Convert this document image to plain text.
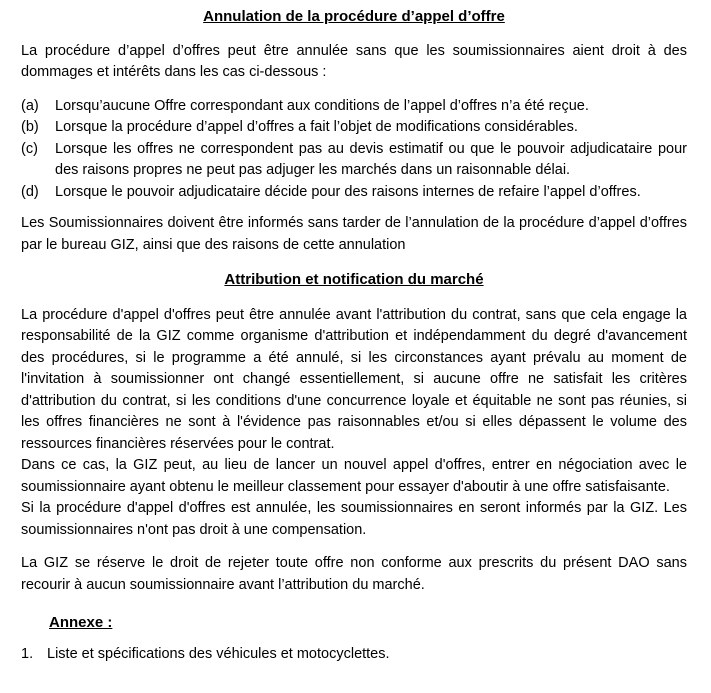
Annulation de la procédure d’appel d’offre

La procédure d’appel d’offres peut être annulée sans que les soumissionnaires aient droit à des dommages et intérêts dans les cas ci-dessous :

(a)	Lorsqu’aucune Offre correspondant aux conditions de l’appel d’offres n’a été reçue.
(b)	Lorsque la procédure d’appel d’offres a fait l’objet de modifications considérables.
(c)	Lorsque les offres ne correspondent pas au devis estimatif ou que le pouvoir adjudicataire pour des raisons propres ne peut pas adjuger les marchés dans un raisonnable délai.
(d)	Lorsque le pouvoir adjudicataire décide pour des raisons internes de refaire l’appel d’offres.

Les Soumissionnaires doivent être informés sans tarder de l’annulation de la procédure d’appel d’offres par le bureau GIZ, ainsi que des raisons de cette annulation

Attribution et notification du marché

La procédure d'appel d'offres peut être annulée avant l'attribution du contrat, sans que cela engage la responsabilité de la GIZ comme organisme d'attribution et indépendamment du degré d'avancement des procédures, si le programme a été annulé, si les circonstances ayant prévalu au moment de l'invitation à soumissionner ont changé essentiellement, si aucune offre ne satisfait les critères d'attribution du contrat, si les conditions d'une concurrence loyale et équitable ne sont pas réunies, si les offres financières ne sont à l'évidence pas raisonnables et/ou si elles dépassent le volume des ressources financières réservées pour le contrat.

Dans ce cas, la GIZ peut, au lieu de lancer un nouvel appel d'offres, entrer en négociation avec le soumissionnaire ayant obtenu le meilleur classement pour essayer d'aboutir à une offre satisfaisante.

Si la procédure d'appel d'offres est annulée, les soumissionnaires en seront informés par la GIZ. Les soumissionnaires n'ont pas droit à une compensation.

La GIZ se réserve le droit de rejeter toute offre non conforme aux prescrits du présent DAO sans recourir à aucun soumissionnaire avant l’attribution du marché.

Annexe :
1. Liste et spécifications des véhicules et motocyclettes.
